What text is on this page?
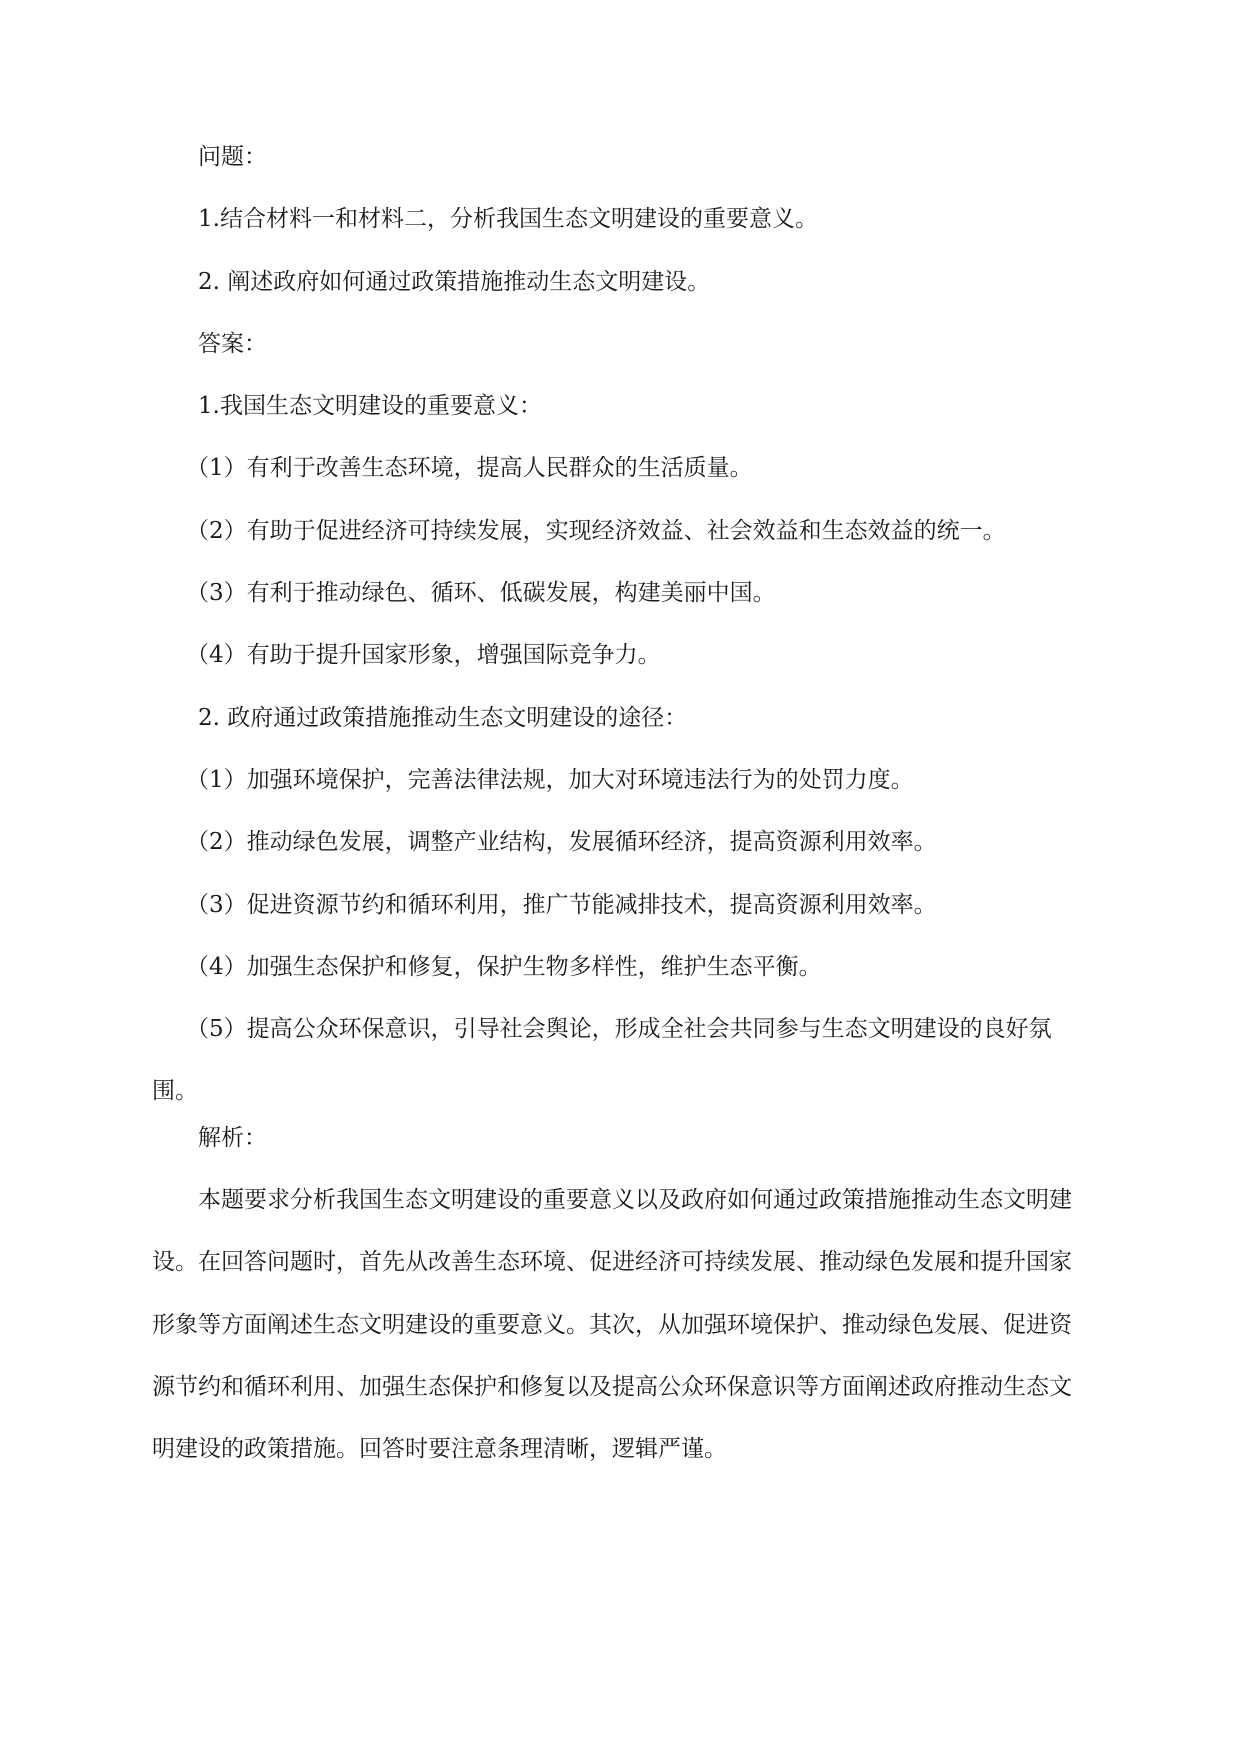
问题：
1.结合材料一和材料二，分析我国生态文明建设的重要意义。
2. 阐述政府如何通过政策措施推动生态文明建设。
答案：
1.我国生态文明建设的重要意义：
（1）有利于改善生态环境，提高人民群众的生活质量。
（2）有助于促进经济可持续发展，实现经济效益、社会效益和生态效益的统一。
（3）有利于推动绿色、循环、低碳发展，构建美丽中国。
（4）有助于提升国家形象，增强国际竞争力。
2. 政府通过政策措施推动生态文明建设的途径：
（1）加强环境保护，完善法律法规，加大对环境违法行为的处罚力度。
（2）推动绿色发展，调整产业结构，发展循环经济，提高资源利用效率。
（3）促进资源节约和循环利用，推广节能减排技术，提高资源利用效率。
（4）加强生态保护和修复，保护生物多样性，维护生态平衡。
（5）提高公众环保意识，引导社会舆论，形成全社会共同参与生态文明建设的良好氛围。
解析：
本题要求分析我国生态文明建设的重要意义以及政府如何通过政策措施推动生态文明建设。在回答问题时，首先从改善生态环境、促进经济可持续发展、推动绿色发展和提升国家形象等方面阐述生态文明建设的重要意义。其次，从加强环境保护、推动绿色发展、促进资源节约和循环利用、加强生态保护和修复以及提高公众环保意识等方面阐述政府推动生态文明建设的政策措施。回答时要注意条理清晰，逻辑严谨。
